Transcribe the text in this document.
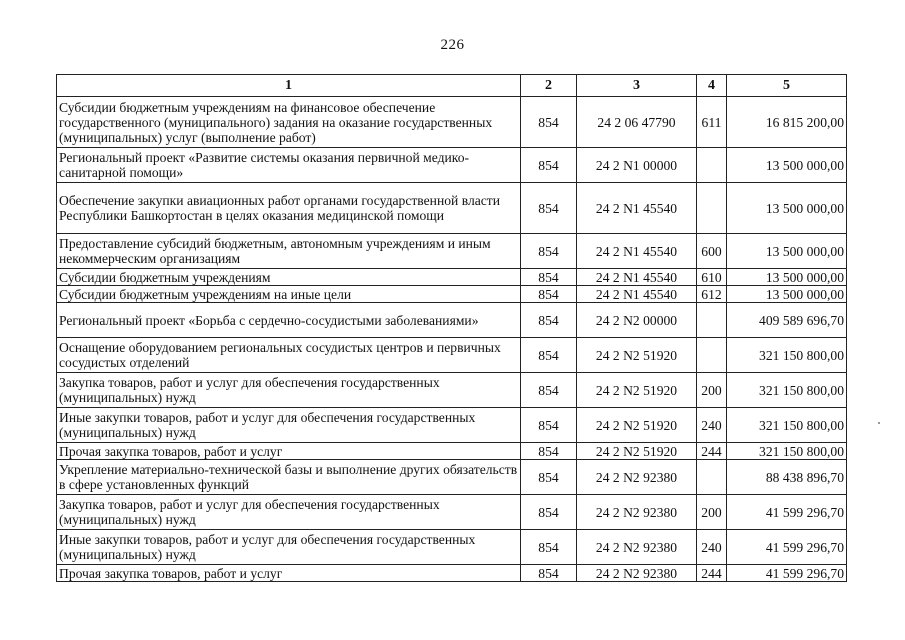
226
1	2	3	4	5
Субсидии бюджетным учреждениям на финансовое обеспечение государственного (муниципального) задания на оказание государственных (муниципальных) услуг (выполнение работ)	854	24 2 06 47790	611	16 815 200,00
Региональный проект «Развитие системы оказания первичной медико-санитарной помощи»	854	24 2 N1 00000		13 500 000,00
Обеспечение закупки авиационных работ органами государственной власти Республики Башкортостан в целях оказания медицинской помощи	854	24 2 N1 45540		13 500 000,00
Предоставление субсидий бюджетным, автономным учреждениям и иным некоммерческим организациям	854	24 2 N1 45540	600	13 500 000,00
Субсидии бюджетным учреждениям	854	24 2 N1 45540	610	13 500 000,00
Субсидии бюджетным учреждениям на иные цели	854	24 2 N1 45540	612	13 500 000,00
Региональный проект «Борьба с сердечно-сосудистыми заболеваниями»	854	24 2 N2 00000		409 589 696,70
Оснащение оборудованием региональных сосудистых центров и первичных сосудистых отделений	854	24 2 N2 51920		321 150 800,00
Закупка товаров, работ и услуг для обеспечения государственных (муниципальных) нужд	854	24 2 N2 51920	200	321 150 800,00
Иные закупки товаров, работ и услуг для обеспечения государственных (муниципальных) нужд	854	24 2 N2 51920	240	321 150 800,00
Прочая закупка товаров, работ и услуг	854	24 2 N2 51920	244	321 150 800,00
Укрепление материально-технической базы и выполнение других обязательств в сфере установленных функций	854	24 2 N2 92380		88 438 896,70
Закупка товаров, работ и услуг для обеспечения государственных (муниципальных) нужд	854	24 2 N2 92380	200	41 599 296,70
Иные закупки товаров, работ и услуг для обеспечения государственных (муниципальных) нужд	854	24 2 N2 92380	240	41 599 296,70
Прочая закупка товаров, работ и услуг	854	24 2 N2 92380	244	41 599 296,70
